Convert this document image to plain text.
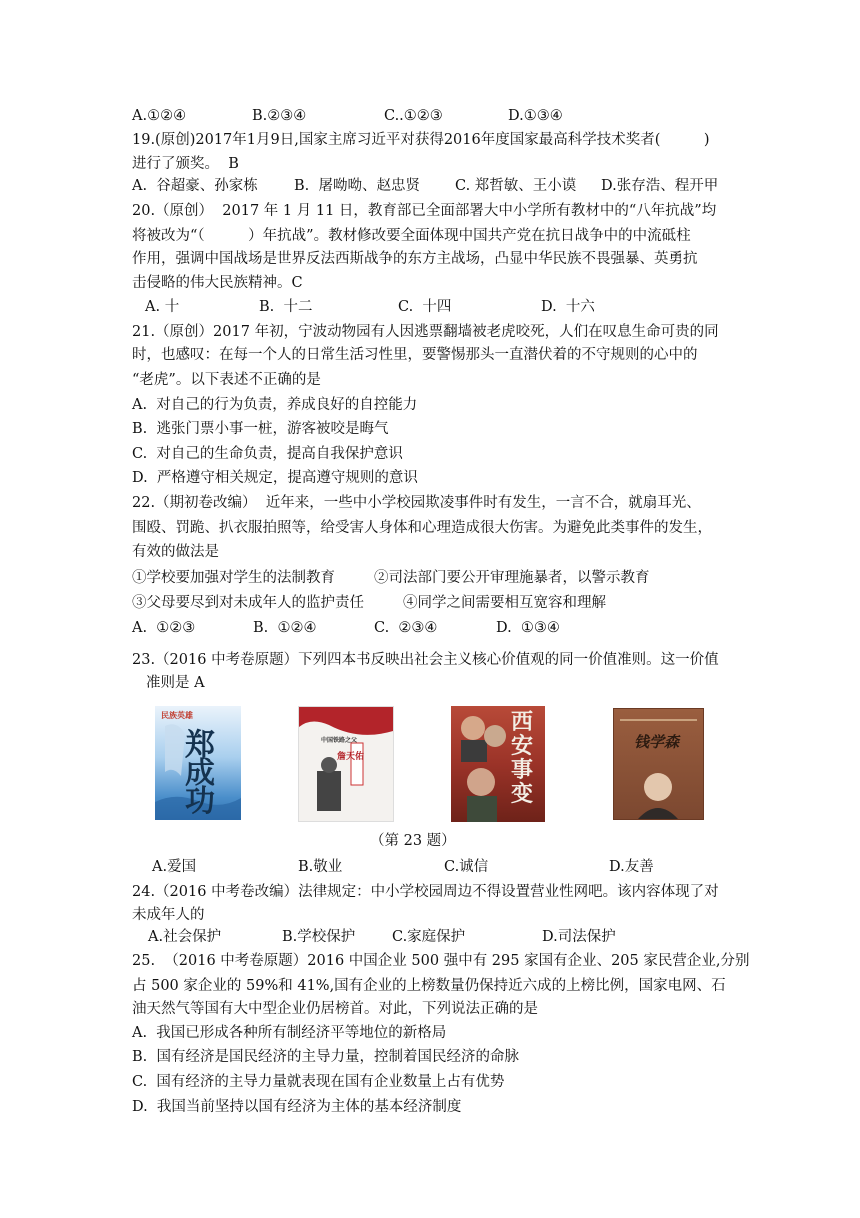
A.①②④	B.②③④	C..①②③	D.①③④
19.(原创)2017年1月9日,国家主席习近平对获得2016年度国家最高科学技术奖者(　　　)
进行了颁奖。  B
A.  谷超豪、孙家栋 B.  屠呦呦、赵忠贤 C. 郑哲敏、王小谟 D.张存浩、程开甲
20.（原创）  2017 年 1 月 11 日，教育部已全面部署大中小学所有教材中的“八年抗战”均
将被改为“（　　　）年抗战”。教材修改要全面体现中国共产党在抗日战争中的中流砥柱
作用，强调中国战场是世界反法西斯战争的东方主战场，凸显中华民族不畏强暴、英勇抗
击侵略的伟大民族精神。C
A. 十	B.  十二	C.  十四	D.  十六
21.（原创）2017 年初，宁波动物园有人因逃票翻墙被老虎咬死，人们在叹息生命可贵的同
时，也感叹：在每一个人的日常生活习性里，要警惕那头一直潜伏着的不守规则的心中的
“老虎”。以下表述不正确的是
A.  对自己的行为负责，养成良好的自控能力
B.  逃张门票小事一桩，游客被咬是晦气
C.  对自己的生命负责，提高自我保护意识
D.  严格遵守相关规定，提高遵守规则的意识
22.（期初卷改编）  近年来，一些中小学校园欺凌事件时有发生，一言不合，就扇耳光、
围殴、罚跪、扒衣服拍照等，给受害人身体和心理造成很大伤害。为避免此类事件的发生，
有效的做法是
①学校要加强对学生的法制教育	②司法部门要公开审理施暴者，以警示教育
③父母要尽到对未成年人的监护责任	④同学之间需要相互宽容和理解
A.  ①②③	B.  ①②④	C.  ②③④	D.  ①③④
23.（2016 中考卷原题）下列四本书反映出社会主义核心价值观的同一价值准则。这一价值
准则是 A
民族英雄
郑成功
中国铁路之父
詹天佑
西安事变
钱学森
（第 23 题）
A.爱国	B.敬业	C.诚信	D.友善
24.（2016 中考卷改编）法律规定：中小学校园周边不得设置营业性网吧。该内容体现了对
未成年人的
A.社会保护	B.学校保护	C.家庭保护	D.司法保护
25.  （2016 中考卷原题）2016 中国企业 500 强中有 295 家国有企业、205 家民营企业,分别
占 500 家企业的 59%和 41%,国有企业的上榜数量仍保持近六成的上榜比例，国家电网、石
油天然气等国有大中型企业仍居榜首。对此，下列说法正确的是
A.  我国已形成各种所有制经济平等地位的新格局
B.  国有经济是国民经济的主导力量，控制着国民经济的命脉
C.  国有经济的主导力量就表现在国有企业数量上占有优势
D.  我国当前坚持以国有经济为主体的基本经济制度
